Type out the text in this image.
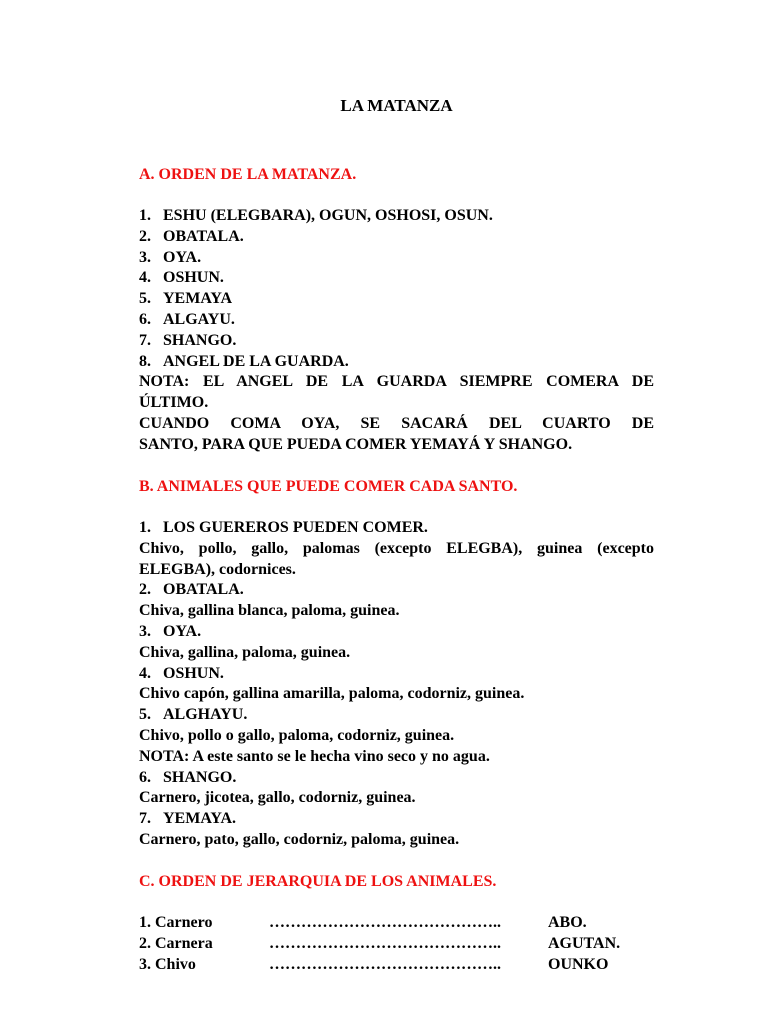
LA MATANZA
A. ORDEN DE LA MATANZA.
1. ESHU (ELEGBARA), OGUN, OSHOSI, OSUN.
2. OBATALA.
3. OYA.
4. OSHUN.
5. YEMAYA
6. ALGAYU.
7. SHANGO.
8. ANGEL DE LA GUARDA.
NOTA: EL ANGEL DE LA GUARDA SIEMPRE COMERA DE
ÚLTIMO.
CUANDO COMA OYA, SE SACARÁ DEL CUARTO DE
SANTO, PARA QUE PUEDA COMER YEMAYÁ Y SHANGO.
B. ANIMALES QUE PUEDE COMER CADA SANTO.
1. LOS GUEREROS PUEDEN COMER.
Chivo, pollo, gallo, palomas (excepto ELEGBA), guinea (excepto
ELEGBA), codornices.
2. OBATALA.
Chiva, gallina blanca, paloma, guinea.
3. OYA.
Chiva, gallina, paloma, guinea.
4. OSHUN.
Chivo capón, gallina amarilla, paloma, codorniz, guinea.
5. ALGHAYU.
Chivo, pollo o gallo, paloma, codorniz, guinea.
NOTA: A este santo se le hecha vino seco y no agua.
6. SHANGO.
Carnero, jicotea, gallo, codorniz, guinea.
7. YEMAYA.
Carnero, pato, gallo, codorniz, paloma, guinea.
C. ORDEN DE JERARQUIA DE LOS ANIMALES.
1. Carnero	……………………………………..	ABO.
2. Carnera	……………………………………..	AGUTAN.
3. Chivo	……………………………………..	OUNKO
